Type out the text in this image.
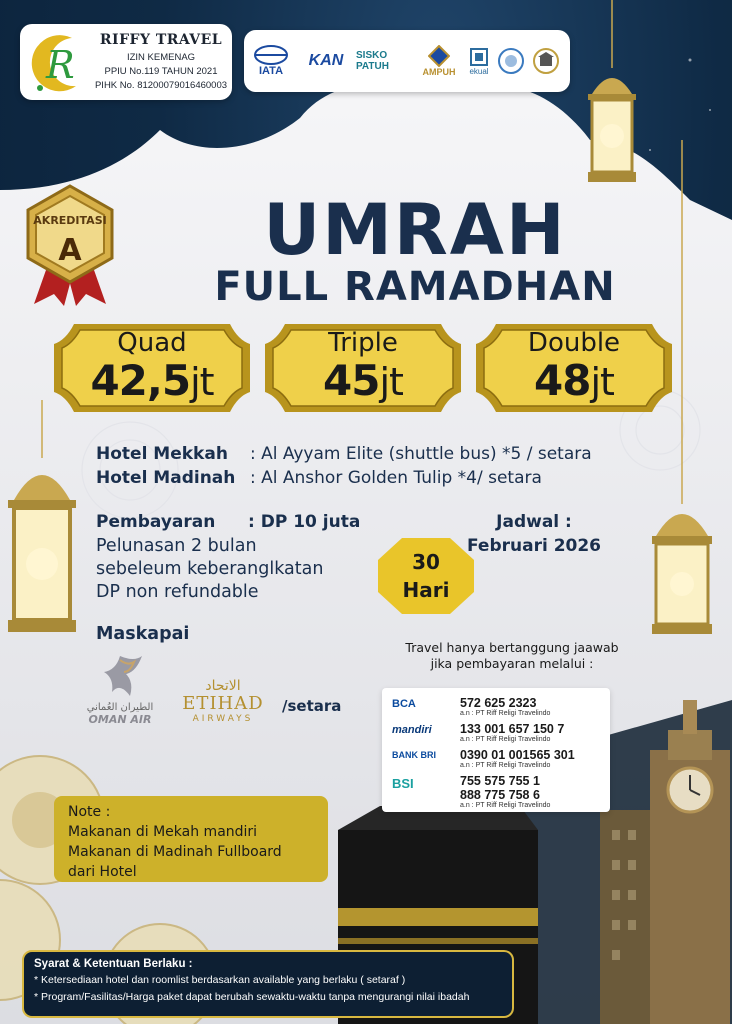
R
RIFFY TRAVEL
IZIN KEMENAG
PPIU No.119 TAHUN 2021
PIHK No. 81200079016460003
IATA
KAN SISKO PATUH	AMPUH ekual
AKREDITASI
A	UMRAH
FULL RAMADHAN
Quad
42,5jt
Triple
45jt
Double
48jt
Hotel Mekkah : Al Ayyam Elite (shuttle bus) *5 / setara
Hotel Madinah : Al Anshor Golden Tulip *4/ setara
Pembayaran : DP 10 juta
Pelunasan 2 bulan
sebeleum keberanglkatan
DP non refundable
Jadwal :
Februari 2026
30
Hari
Maskapai
الطيران العُماني
OMAN AIR
الاتحاد
ETIHAD
AIRWAYS
/setara
Travel hanya bertanggung jaawab
jika pembayaran melalui :
BCA	572 625 2323
a.n : PT Riff Religi Travelindo
mandiri	133 001 657 150 7
a.n : PT Riff Religi Travelindo
BANK BRI	0390 01 001565 301
a.n : PT Riff Religi Travelindo
BSI	755 575 755 1
888 775 758 6
a.n : PT Riff Religi Travelindo
Note :
Makanan di Mekah mandiri
Makanan di Madinah Fullboard
dari Hotel
Syarat & Ketentuan Berlaku :
* Ketersediaan hotel dan roomlist berdasarkan available yang berlaku ( setaraf )
* Program/Fasilitas/Harga paket dapat berubah sewaktu-waktu tanpa mengurangi nilai ibadah
